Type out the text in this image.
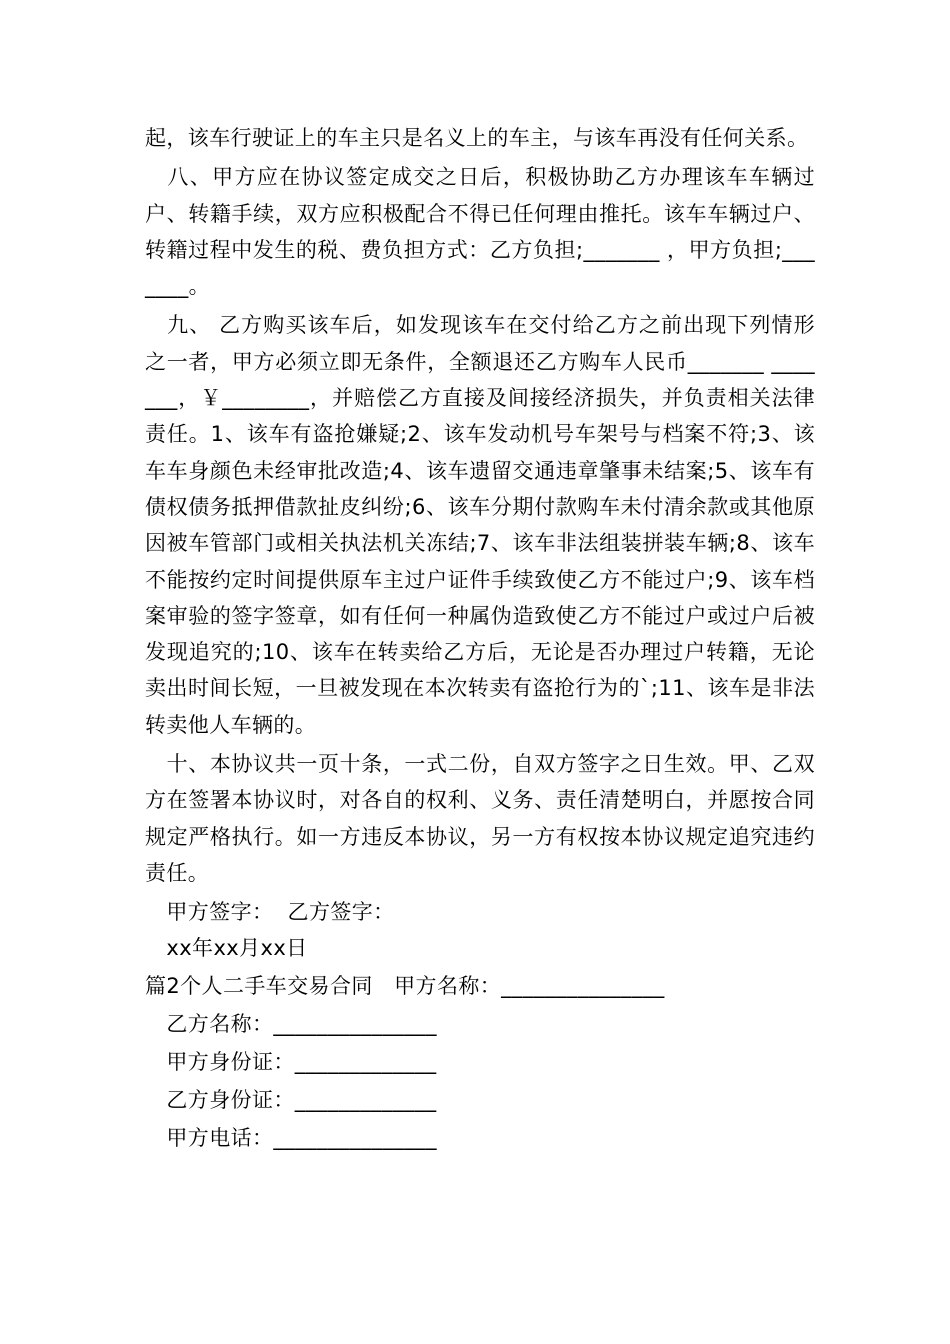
起，该车行驶证上的车主只是名义上的车主，与该车再没有任何关系。

　八、甲方应在协议签定成交之日后，积极协助乙方办理该车车辆过户、转籍手续，双方应积极配合不得已任何理由推托。该车车辆过户、转籍过程中发生的税、费负担方式：乙方负担;_______ ，甲方负担;_______。

　九、 乙方购买该车后，如发现该车在交付给乙方之前出现下列情形之一者，甲方必须立即无条件，全额退还乙方购车人民币_______ _______，￥________，并赔偿乙方直接及间接经济损失，并负责相关法律责任。1、该车有盗抢嫌疑;2、该车发动机号车架号与档案不符;3、该车车身颜色未经审批改造;4、该车遗留交通违章肇事未结案;5、该车有债权债务抵押借款扯皮纠纷;6、该车分期付款购车未付清余款或其他原因被车管部门或相关执法机关冻结;7、该车非法组装拼装车辆;8、该车不能按约定时间提供原车主过户证件手续致使乙方不能过户;9、该车档案审验的签字签章，如有任何一种属伪造致使乙方不能过户或过户后被发现追究的;10、该车在转卖给乙方后，无论是否办理过户转籍，无论卖出时间长短，一旦被发现在本次转卖有盗抢行为的`;11、该车是非法转卖他人车辆的。

　十、本协议共一页十条，一式二份，自双方签字之日生效。甲、乙双方在签署本协议时，对各自的权利、义务、责任清楚明白，并愿按合同规定严格执行。如一方违反本协议，另一方有权按本协议规定追究违约责任。

　甲方签字：  乙方签字：
　xx年xx月xx日
篇2个人二手车交易合同　甲方名称：_______________
　乙方名称：_______________
　甲方身份证：_____________
　乙方身份证：_____________
　甲方电话：_______________
